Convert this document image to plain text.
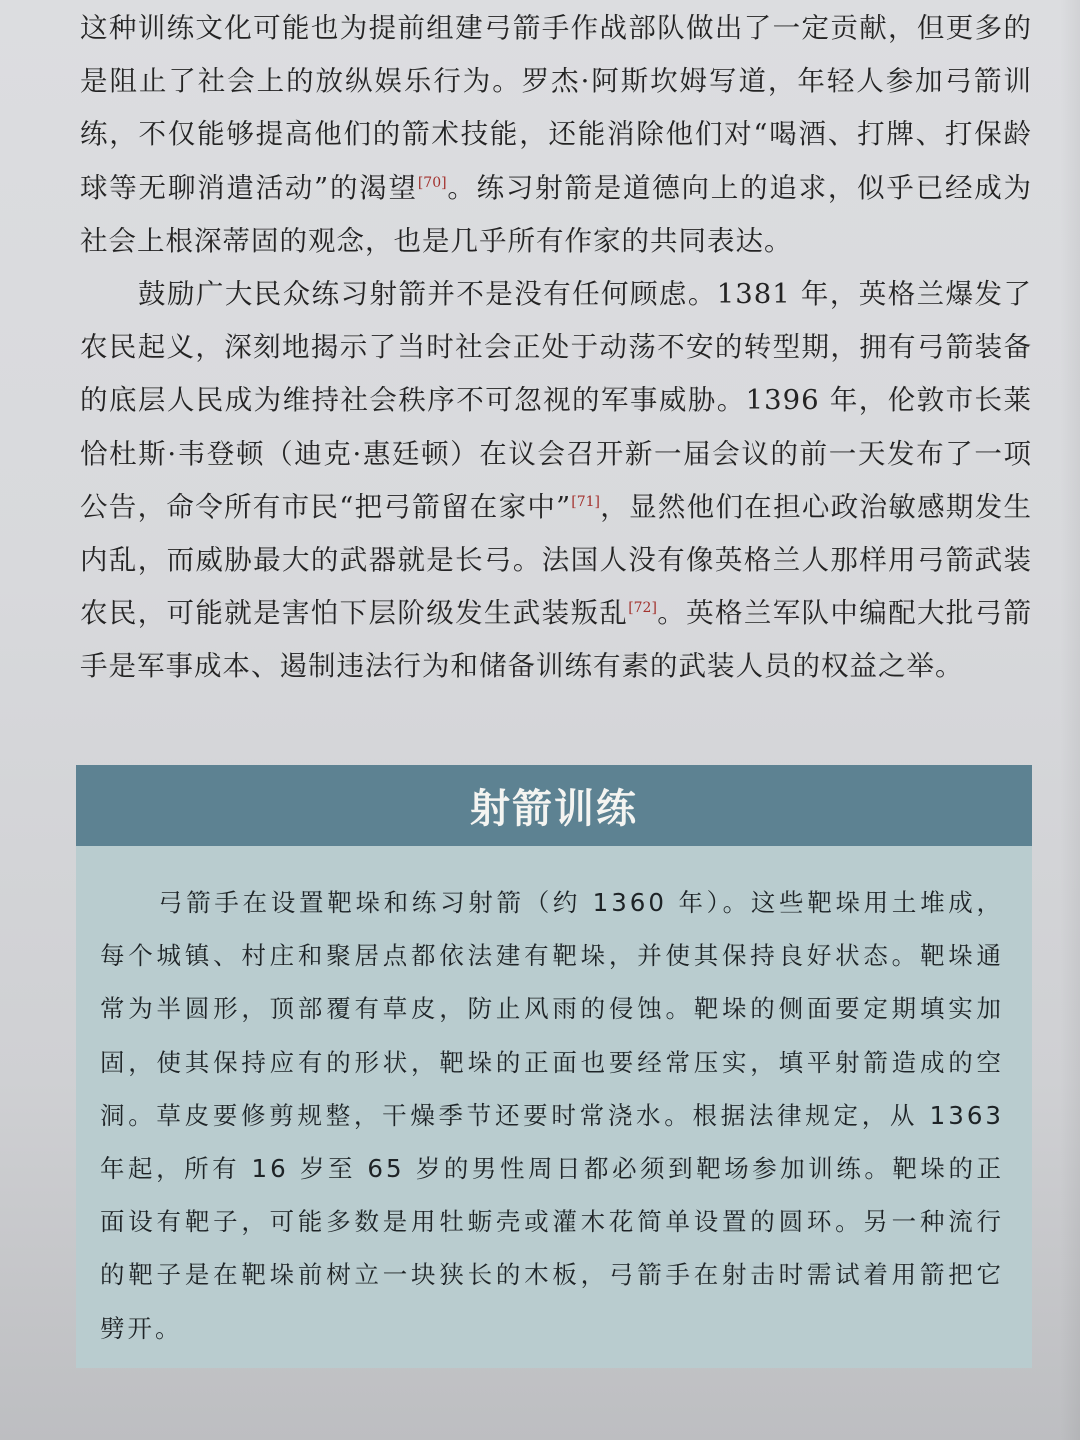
这种训练文化可能也为提前组建弓箭手作战部队做出了一定贡献，但更多的是阻止了社会上的放纵娱乐行为。罗杰·阿斯坎姆写道，年轻人参加弓箭训练，不仅能够提高他们的箭术技能，还能消除他们对“喝酒、打牌、打保龄球等无聊消遣活动”的渴望[70]。练习射箭是道德向上的追求，似乎已经成为社会上根深蒂固的观念，也是几乎所有作家的共同表达。

鼓励广大民众练习射箭并不是没有任何顾虑。1381 年，英格兰爆发了农民起义，深刻地揭示了当时社会正处于动荡不安的转型期，拥有弓箭装备的底层人民成为维持社会秩序不可忽视的军事威胁。1396 年，伦敦市长莱恰杜斯·韦登顿（迪克·惠廷顿）在议会召开新一届会议的前一天发布了一项公告，命令所有市民“把弓箭留在家中”[71]，显然他们在担心政治敏感期发生内乱，而威胁最大的武器就是长弓。法国人没有像英格兰人那样用弓箭武装农民，可能就是害怕下层阶级发生武装叛乱[72]。英格兰军队中编配大批弓箭手是军事成本、遏制违法行为和储备训练有素的武装人员的权益之举。

射箭训练

弓箭手在设置靶垛和练习射箭（约 1360 年）。这些靶垛用土堆成，每个城镇、村庄和聚居点都依法建有靶垛，并使其保持良好状态。靶垛通常为半圆形，顶部覆有草皮，防止风雨的侵蚀。靶垛的侧面要定期填实加固，使其保持应有的形状，靶垛的正面也要经常压实，填平射箭造成的空洞。草皮要修剪规整，干燥季节还要时常浇水。根据法律规定，从 1363 年起，所有 16 岁至 65 岁的男性周日都必须到靶场参加训练。靶垛的正面设有靶子，可能多数是用牡蛎壳或灌木花简单设置的圆环。另一种流行的靶子是在靶垛前树立一块狭长的木板，弓箭手在射击时需试着用箭把它劈开。
